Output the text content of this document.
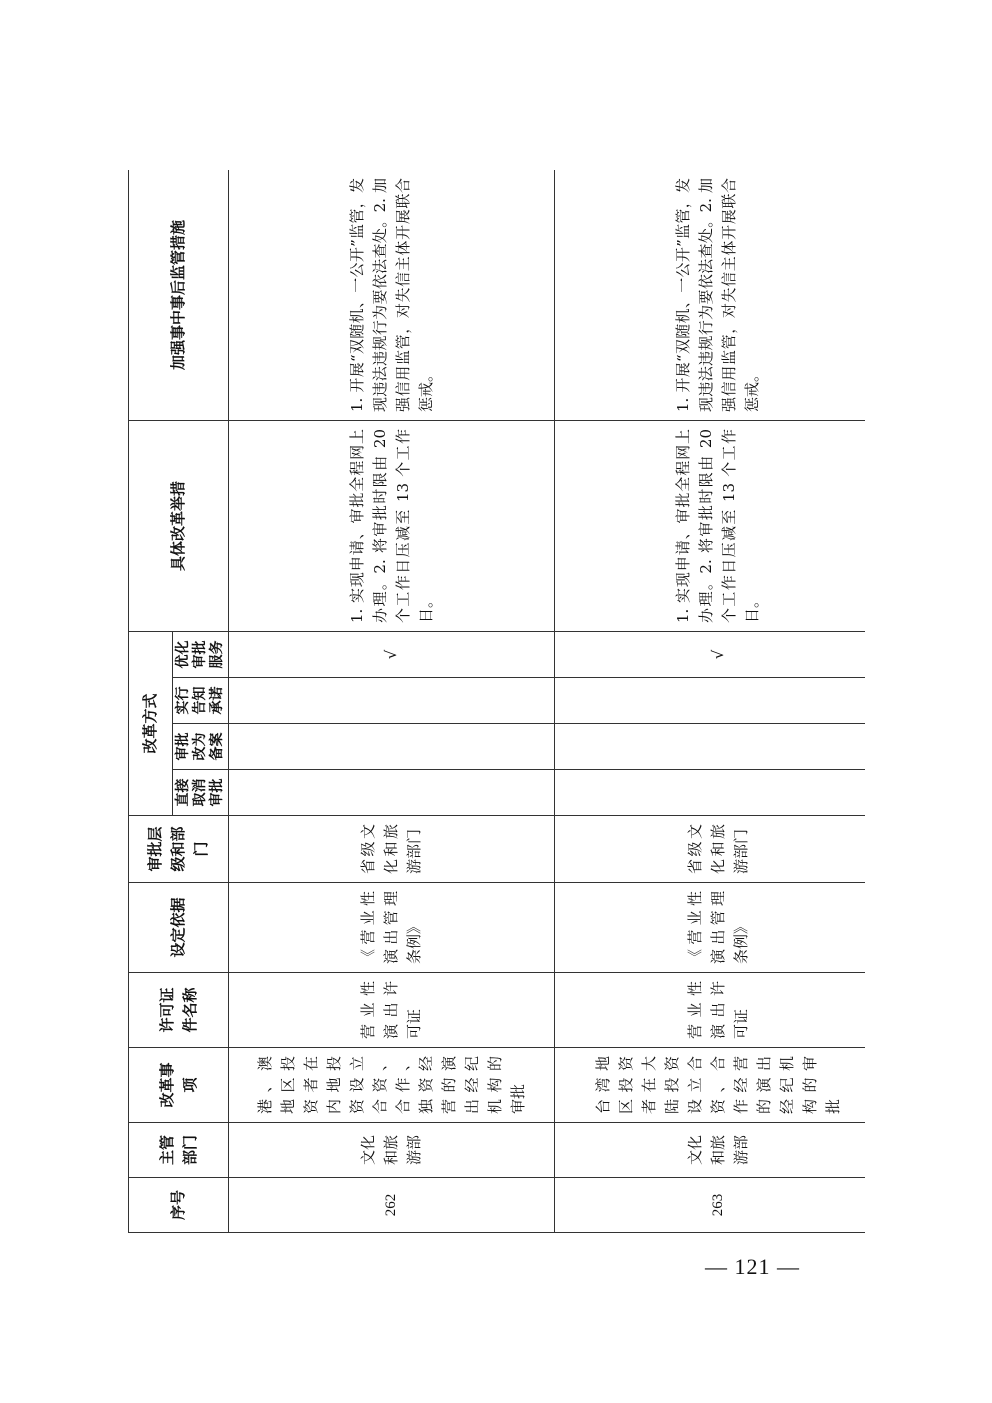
序号	主管部门	改革事项	许可证件名称	设定依据	审批层级和部门	改革方式				具体改革举措	加强事中事后监管措施
						直接取消审批	审批改为备案	实行告知承诺	优化审批服务		
262	文化和旅游部	港、澳地区投资者在内地投资设立合资、合作、独资经营的演出经纪机构的审批	营业性演出许可证	《营业性演出管理条例》	省级文化和旅游部门				√	1. 实现申请、审批全程网上办理。2. 将审批时限由 20 个工作日压减至 13 个工作日。	1. 开展“双随机、一公开”监管，发现违法违规行为要依法查处。2. 加强信用监管，对失信主体开展联合惩戒。
263	文化和旅游部	台湾地区投资者在大陆投资设立合资、合作经营的演出经纪机构的审批	营业性演出许可证	《营业性演出管理条例》	省级文化和旅游部门				√	1. 实现申请、审批全程网上办理。2. 将审批时限由 20 个工作日压减至 13 个工作日。	1. 开展“双随机、一公开”监管，发现违法违规行为要依法查处。2. 加强信用监管，对失信主体开展联合惩戒。
— 121 —
